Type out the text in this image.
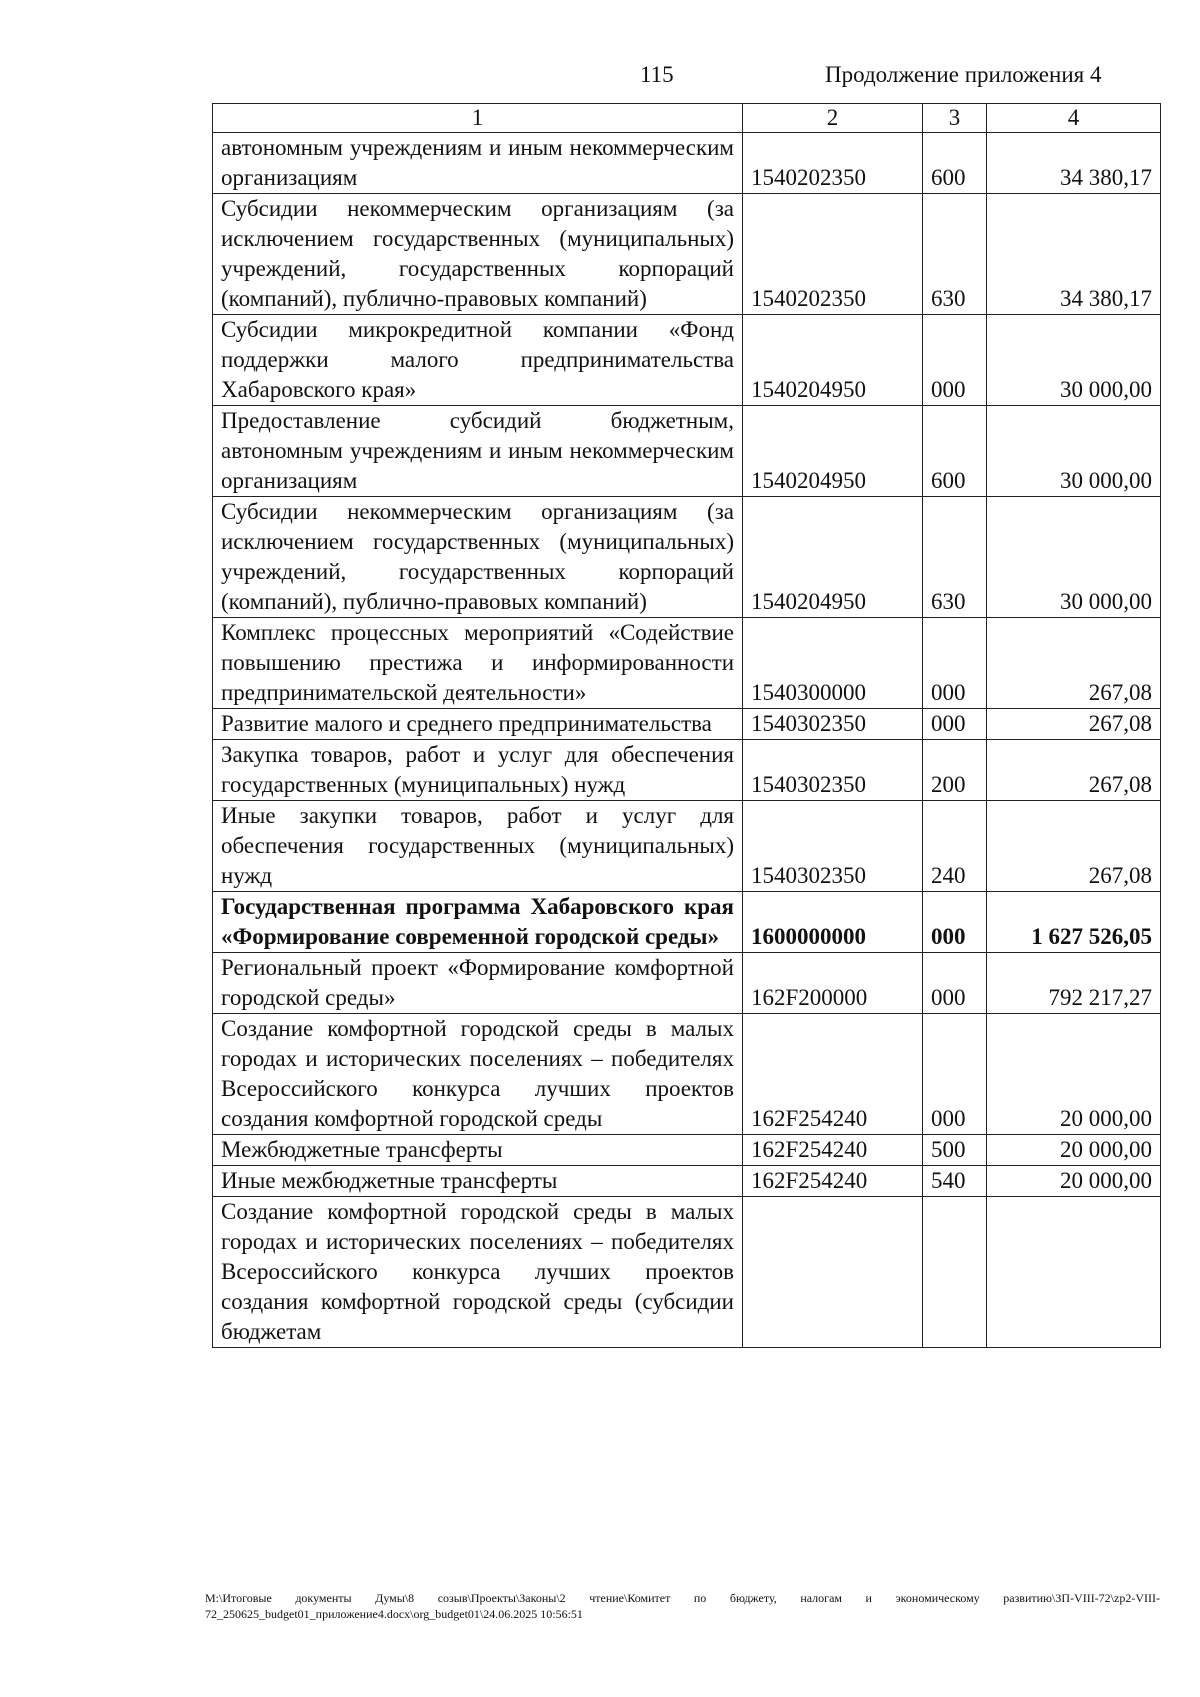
115	Продолжение приложения 4
1	2	3	4
автономным учреждениям и иным некоммерческим организациям	1540202350	600	34 380,17
Субсидии некоммерческим организациям (за исключением государственных (муниципальных) учреждений, государственных корпораций (компаний), публично-правовых компаний)	1540202350	630	34 380,17
Субсидии микрокредитной компании «Фонд поддержки малого предпринимательства Хабаровского края»	1540204950	000	30 000,00
Предоставление субсидий бюджетным, автономным учреждениям и иным некоммерческим организациям	1540204950	600	30 000,00
Субсидии некоммерческим организациям (за исключением государственных (муниципальных) учреждений, государственных корпораций (компаний), публично-правовых компаний)	1540204950	630	30 000,00
Комплекс процессных мероприятий «Содействие повышению престижа и информированности предпринимательской деятельности»	1540300000	000	267,08
Развитие малого и среднего предпринимательства	1540302350	000	267,08
Закупка товаров, работ и услуг для обеспечения государственных (муниципальных) нужд	1540302350	200	267,08
Иные закупки товаров, работ и услуг для обеспечения государственных (муниципальных) нужд	1540302350	240	267,08
Государственная программа Хабаровского края «Формирование современной городской среды»	1600000000	000	1 627 526,05
Региональный проект «Формирование комфортной городской среды»	162F200000	000	792 217,27
Создание комфортной городской среды в малых городах и исторических поселениях – победителях Всероссийского конкурса лучших проектов создания комфортной городской среды	162F254240	000	20 000,00
Межбюджетные трансферты	162F254240	500	20 000,00
Иные межбюджетные трансферты	162F254240	540	20 000,00
Создание комфортной городской среды в малых городах и исторических поселениях – победителях Всероссийского конкурса лучших проектов создания комфортной городской среды (субсидии бюджетам			
M:\Итоговые документы Думы\8 созыв\Проекты\Законы\2 чтение\Комитет по бюджету, налогам и экономическому развитию\ЗП-VIII-72\zp2-VIII-72_250625_budget01_приложение4.docx\org_budget01\24.06.2025 10:56:51
